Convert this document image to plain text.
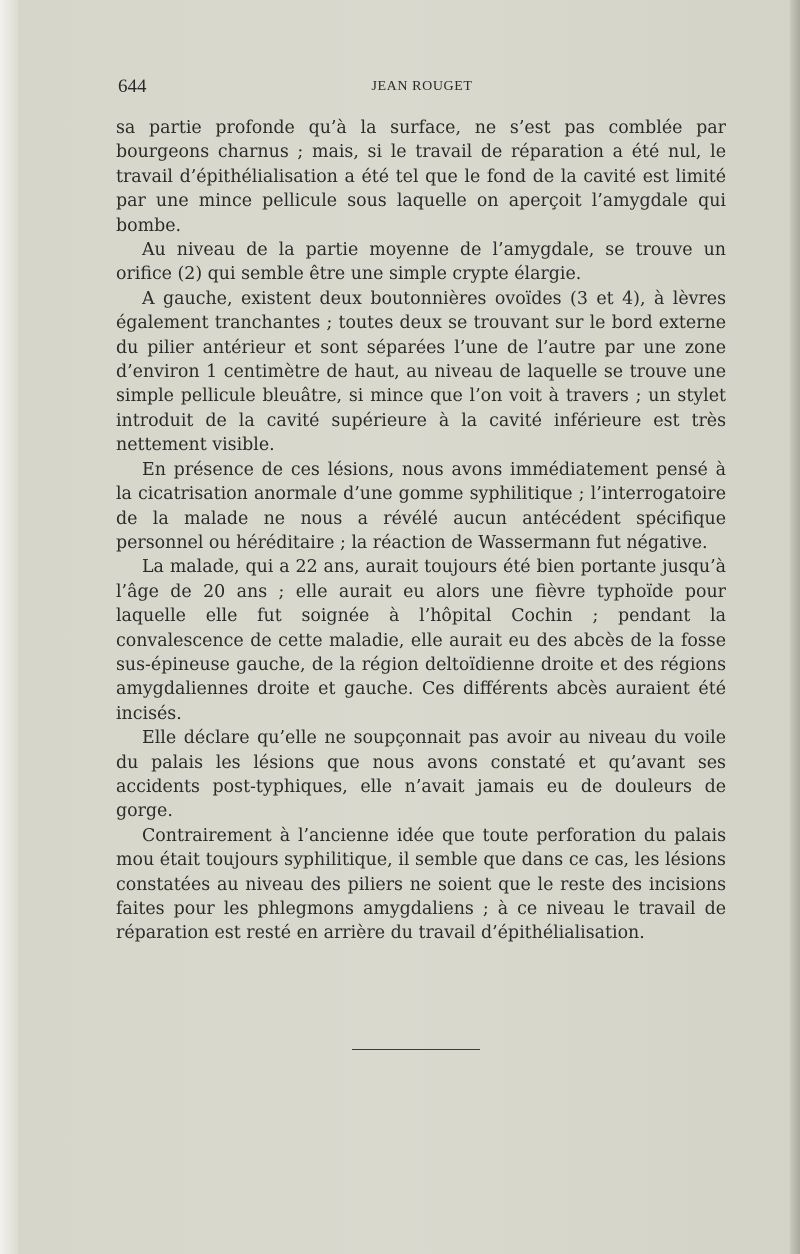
644	JEAN ROUGET

sa partie profonde qu’à la surface, ne s’est pas comblée par bourgeons charnus ; mais, si le travail de réparation a été nul, le travail d’épithélialisation a été tel que le fond de la cavité est limité par une mince pellicule sous laquelle on aperçoit l’amygdale qui bombe.

Au niveau de la partie moyenne de l’amygdale, se trouve un orifice (2) qui semble être une simple crypte élargie.

A gauche, existent deux boutonnières ovoïdes (3 et 4), à lèvres également tranchantes ; toutes deux se trouvant sur le bord externe du pilier antérieur et sont séparées l’une de l’autre par une zone d’environ 1 centimètre de haut, au niveau de laquelle se trouve une simple pellicule bleuâtre, si mince que l’on voit à travers ; un stylet introduit de la cavité supérieure à la cavité inférieure est très nettement visible.

En présence de ces lésions, nous avons immédiatement pensé à la cicatrisation anormale d’une gomme syphilitique ; l’interrogatoire de la malade ne nous a révélé aucun antécédent spécifique personnel ou héréditaire ; la réaction de Wassermann fut négative.

La malade, qui a 22 ans, aurait toujours été bien portante jusqu’à l’âge de 20 ans ; elle aurait eu alors une fièvre typhoïde pour laquelle elle fut soignée à l’hôpital Cochin ; pendant la convalescence de cette maladie, elle aurait eu des abcès de la fosse sus-épineuse gauche, de la région deltoïdienne droite et des régions amygdaliennes droite et gauche. Ces différents abcès auraient été incisés.

Elle déclare qu’elle ne soupçonnait pas avoir au niveau du voile du palais les lésions que nous avons constaté et qu’avant ses accidents post-typhiques, elle n’avait jamais eu de douleurs de gorge.

Contrairement à l’ancienne idée que toute perforation du palais mou était toujours syphilitique, il semble que dans ce cas, les lésions constatées au niveau des piliers ne soient que le reste des incisions faites pour les phlegmons amygdaliens ; à ce niveau le travail de réparation est resté en arrière du travail d’épithélialisation.
